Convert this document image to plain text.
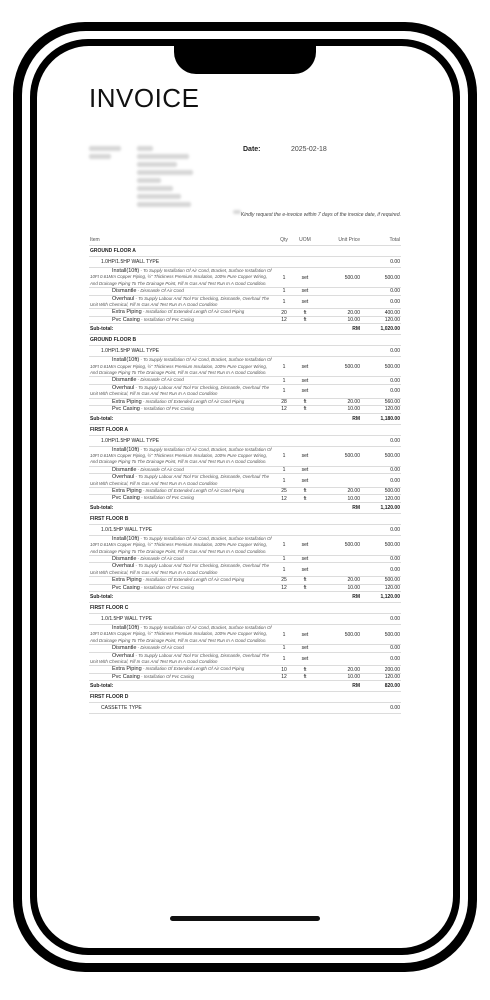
INVOICE
Date:	2025-02-18
Kindly request the e-invoice within 7 days of the invoice date, if required.
Item	Qty	UOM	Unit Price	Total
GROUND FLOOR A				
1.0HP/1.5HP WALL TYPE				0.00
Install(10ft) - To Supply Installation Of Air Cond, Bracket, Surface Installation Of 10Ft 0.61Mm Copper Piping, ½" Thickness Premium Insulation, 100% Pure Copper Wiring, And Drainage Piping To The Drainage Point, Fill In Gas And Test Run In A Good Condition.	1	set	500.00	500.00
Dismantle - Dismantle Of Air Cond	1	set		0.00
Overhaul - To Supply Labour And Tool For Checking, Dismantle, Overhaul The Unit With Chemical, Fill In Gas And Test Run In A Good Condition	1	set		0.00
Extra Piping - Installation Of Extended Length Of Air Cond Piping	20	ft	20.00	400.00
Pvc Casing - Installation Of Pvc Casing	12	ft	10.00	120.00
Sub-total:			RM	1,020.00
GROUND FLOOR B				
1.0HP/1.5HP WALL TYPE				0.00
Install(10ft) - To Supply Installation Of Air Cond, Bracket, Surface Installation Of 10Ft 0.61Mm Copper Piping, ½" Thickness Premium Insulation, 100% Pure Copper Wiring, And Drainage Piping To The Drainage Point, Fill In Gas And Test Run In A Good Condition.	1	set	500.00	500.00
Dismantle - Dismantle Of Air Cond	1	set		0.00
Overhaul - To Supply Labour And Tool For Checking, Dismantle, Overhaul The Unit With Chemical, Fill In Gas And Test Run In A Good Condition	1	set		0.00
Extra Piping - Installation Of Extended Length Of Air Cond Piping	28	ft	20.00	560.00
Pvc Casing - Installation Of Pvc Casing	12	ft	10.00	120.00
Sub-total:			RM	1,180.00
FIRST FLOOR A				
1.0HP/1.5HP WALL TYPE				0.00
Install(10ft) - To Supply Installation Of Air Cond, Bracket, Surface Installation Of 10Ft 0.61Mm Copper Piping, ½" Thickness Premium Insulation, 100% Pure Copper Wiring, And Drainage Piping To The Drainage Point, Fill In Gas And Test Run In A Good Condition.	1	set	500.00	500.00
Dismantle - Dismantle Of Air Cond	1	set		0.00
Overhaul - To Supply Labour And Tool For Checking, Dismantle, Overhaul The Unit With Chemical, Fill In Gas And Test Run In A Good Condition	1	set		0.00
Extra Piping - Installation Of Extended Length Of Air Cond Piping	25	ft	20.00	500.00
Pvc Casing - Installation Of Pvc Casing	12	ft	10.00	120.00
Sub-total:			RM	1,120.00
FIRST FLOOR B				
1.0/1.5HP WALL TYPE				0.00
Install(10ft) - To Supply Installation Of Air Cond, Bracket, Surface Installation Of 10Ft 0.61Mm Copper Piping, ½" Thickness Premium Insulation, 100% Pure Copper Wiring, And Drainage Piping To The Drainage Point, Fill In Gas And Test Run In A Good Condition.	1	set	500.00	500.00
Dismantle - Dismantle Of Air Cond	1	set		0.00
Overhaul - To Supply Labour And Tool For Checking, Dismantle, Overhaul The Unit With Chemical, Fill In Gas And Test Run In A Good Condition	1	set		0.00
Extra Piping - Installation Of Extended Length Of Air Cond Piping	25	ft	20.00	500.00
Pvc Casing - Installation Of Pvc Casing	12	ft	10.00	120.00
Sub-total:			RM	1,120.00
FIRST FLOOR C				
1.0/1.5HP WALL TYPE				0.00
Install(10ft) - To Supply Installation Of Air Cond, Bracket, Surface Installation Of 10Ft 0.61Mm Copper Piping, ½" Thickness Premium Insulation, 100% Pure Copper Wiring, And Drainage Piping To The Drainage Point, Fill In Gas And Test Run In A Good Condition.	1	set	500.00	500.00
Dismantle - Dismantle Of Air Cond	1	set		0.00
Overhaul - To Supply Labour And Tool For Checking, Dismantle, Overhaul The Unit With Chemical, Fill In Gas And Test Run In A Good Condition	1	set		0.00
Extra Piping - Installation Of Extended Length Of Air Cond Piping	10	ft	20.00	200.00
Pvc Casing - Installation Of Pvc Casing	12	ft	10.00	120.00
Sub-total:			RM	820.00
FIRST FLOOR D				
CASSETTE TYPE				0.00
